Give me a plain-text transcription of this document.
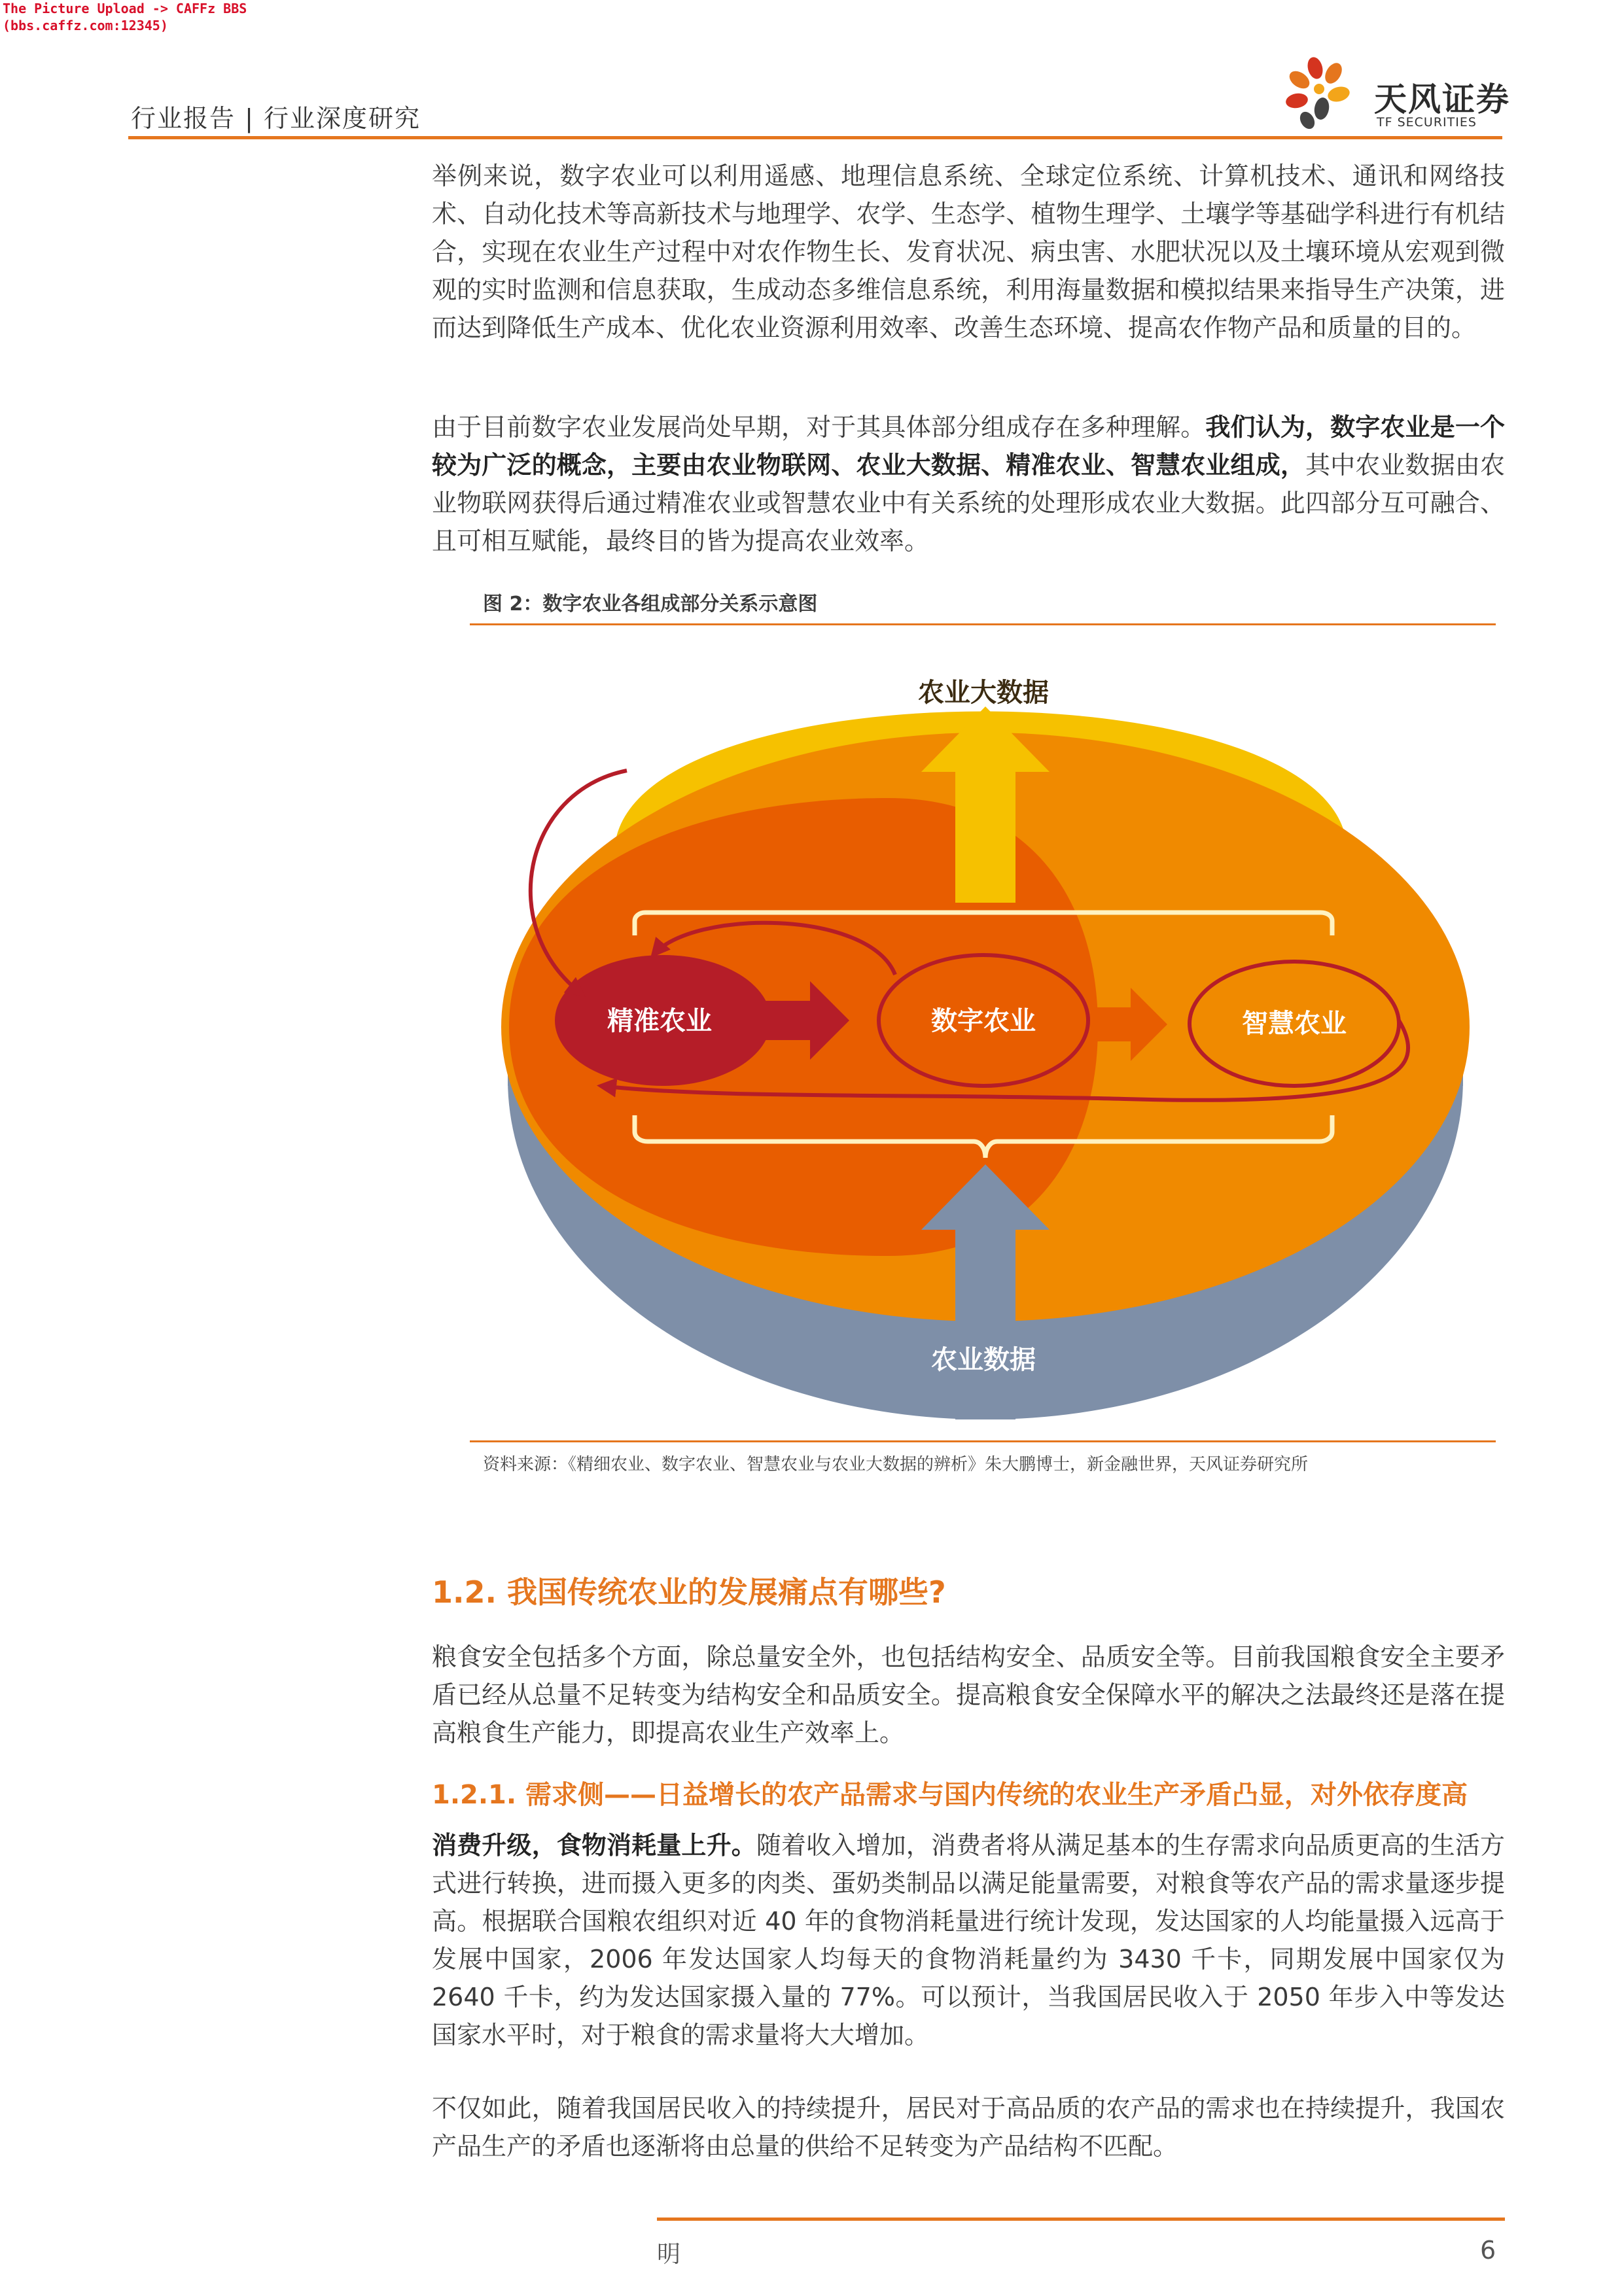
The Picture Upload -> CAFFz BBS
(bbs.caffz.com:12345)
行业报告 | 行业深度研究	天风证券
TF SECURITIES

举例来说，数字农业可以利用遥感、地理信息系统、全球定位系统、计算机技术、通讯和网络技术、自动化技术等高新技术与地理学、农学、生态学、植物生理学、土壤学等基础学科进行有机结合，实现在农业生产过程中对农作物生长、发育状况、病虫害、水肥状况以及土壤环境从宏观到微观的实时监测和信息获取，生成动态多维信息系统，利用海量数据和模拟结果来指导生产决策，进而达到降低生产成本、优化农业资源利用效率、改善生态环境、提高农作物产品和质量的目的。

由于目前数字农业发展尚处早期，对于其具体部分组成存在多种理解。我们认为，数字农业是一个较为广泛的概念，主要由农业物联网、农业大数据、精准农业、智慧农业组成，其中农业数据由农业物联网获得后通过精准农业或智慧农业中有关系统的处理形成农业大数据。此四部分互可融合、且可相互赋能，最终目的皆为提高农业效率。

图 2：数字农业各组成部分关系示意图
农业大数据
精准农业	数字农业	智慧农业
农业数据
资料来源：《精细农业、数字农业、智慧农业与农业大数据的辨析》朱大鹏博士，新金融世界，天风证券研究所
1.2. 我国传统农业的发展痛点有哪些?

粮食安全包括多个方面，除总量安全外，也包括结构安全、品质安全等。目前我国粮食安全主要矛盾已经从总量不足转变为结构安全和品质安全。提高粮食安全保障水平的解决之法最终还是落在提高粮食生产能力，即提高农业生产效率上。

1.2.1. 需求侧——日益增长的农产品需求与国内传统的农业生产矛盾凸显，对外依存度高

消费升级，食物消耗量上升。随着收入增加，消费者将从满足基本的生存需求向品质更高的生活方式进行转换，进而摄入更多的肉类、蛋奶类制品以满足能量需要，对粮食等农产品的需求量逐步提高。根据联合国粮农组织对近 40 年的食物消耗量进行统计发现，发达国家的人均能量摄入远高于发展中国家，2006 年发达国家人均每天的食物消耗量约为 3430 千卡，同期发展中国家仅为 2640 千卡，约为发达国家摄入量的 77%。可以预计，当我国居民收入于 2050 年步入中等发达国家水平时，对于粮食的需求量将大大增加。

不仅如此，随着我国居民收入的持续提升，居民对于高品质的农产品的需求也在持续提升，我国农产品生产的矛盾也逐渐将由总量的供给不足转变为产品结构不匹配。

明	6
